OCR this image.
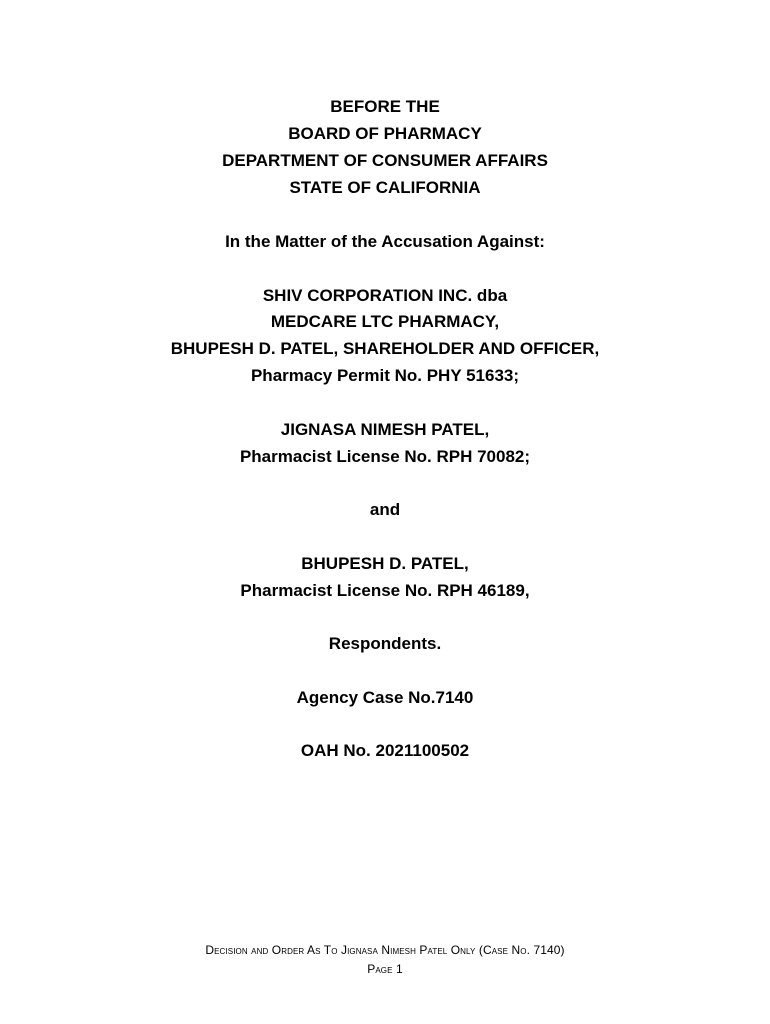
BEFORE THE
BOARD OF PHARMACY
DEPARTMENT OF CONSUMER AFFAIRS
STATE OF CALIFORNIA
In the Matter of the Accusation Against:
SHIV CORPORATION INC. dba
MEDCARE LTC PHARMACY,
BHUPESH D. PATEL, SHAREHOLDER AND OFFICER,
Pharmacy Permit No. PHY 51633;
JIGNASA NIMESH PATEL,
Pharmacist License No. RPH 70082;
and
BHUPESH D. PATEL,
Pharmacist License No. RPH 46189,
Respondents.
Agency Case No.7140
OAH No. 2021100502
Decision and Order As To Jignasa Nimesh Patel Only (Case No. 7140)
Page 1
